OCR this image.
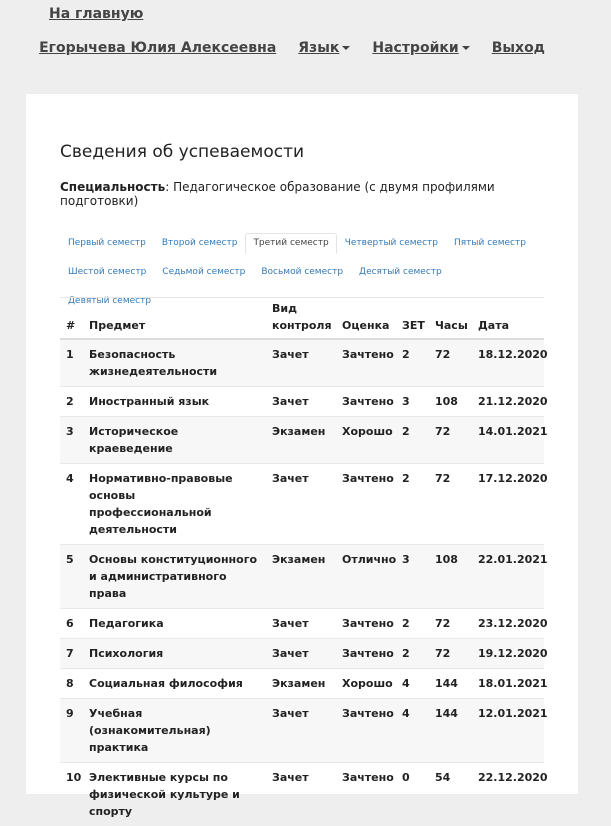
На главную
Егорычева Юлия Алексеевна Язык Настройки Выход
Сведения об успеваемости
Специальность: Педагогическое образование (с двумя профилями подготовки)
Первый семестр	Второй семестр	Третий семестр	Четвертый семестр	Пятый семестр
Шестой семестр	Седьмой семестр	Восьмой семестр	Десятый семестр
Девятый семестр
#	Предмет	Вид контроля	Оценка	ЗЕТ	Часы	Дата
1	Безопасность жизнедеятельности	Зачет	Зачтено	2	72	18.12.2020
2	Иностранный язык	Зачет	Зачтено	3	108	21.12.2020
3	Историческое краеведение	Экзамен	Хорошо	2	72	14.01.2021
4	Нормативно-правовые основы профессиональной деятельности	Зачет	Зачтено	2	72	17.12.2020
5	Основы конституционного и административного права	Экзамен	Отлично	3	108	22.01.2021
6	Педагогика	Зачет	Зачтено	2	72	23.12.2020
7	Психология	Зачет	Зачтено	2	72	19.12.2020
8	Социальная философия	Экзамен	Хорошо	4	144	18.01.2021
9	Учебная (ознакомительная) практика	Зачет	Зачтено	4	144	12.01.2021
10	Элективные курсы по физической культуре и спорту	Зачет	Зачтено	0	54	22.12.2020
